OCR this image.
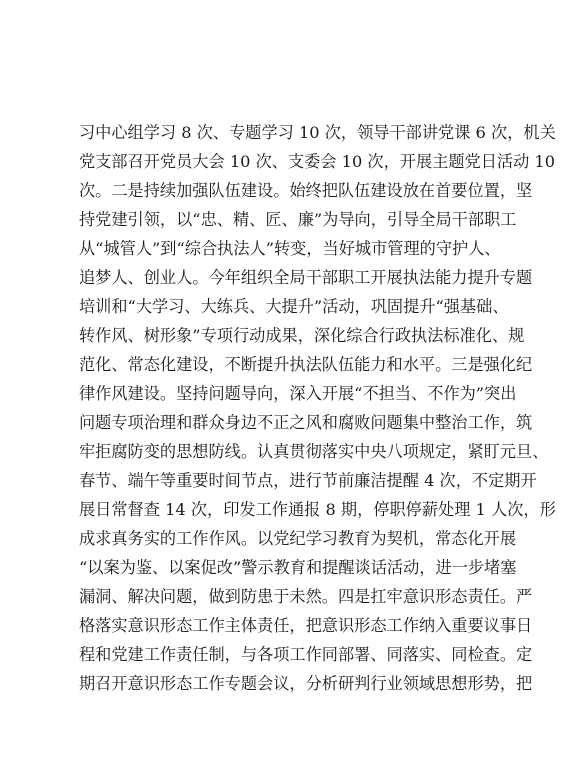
习中心组学习 8 次、专题学习 10 次，领导干部讲党课 6 次，机关
党支部召开党员大会 10 次、支委会 10 次，开展主题党日活动 10
次。二是持续加强队伍建设。始终把队伍建设放在首要位置，坚
持党建引领，以“忠、精、匠、廉”为导向，引导全局干部职工
从“城管人”到“综合执法人”转变，当好城市管理的守护人、
追梦人、创业人。今年组织全局干部职工开展执法能力提升专题
培训和“大学习、大练兵、大提升”活动，巩固提升“强基础、
转作风、树形象”专项行动成果，深化综合行政执法标准化、规
范化、常态化建设，不断提升执法队伍能力和水平。三是强化纪
律作风建设。坚持问题导向，深入开展“不担当、不作为”突出
问题专项治理和群众身边不正之风和腐败问题集中整治工作，筑
牢拒腐防变的思想防线。认真贯彻落实中央八项规定，紧盯元旦、
春节、端午等重要时间节点，进行节前廉洁提醒 4 次，不定期开
展日常督查 14 次，印发工作通报 8 期，停职停薪处理 1 人次，形
成求真务实的工作作风。以党纪学习教育为契机，常态化开展
“以案为鉴、以案促改”警示教育和提醒谈话活动，进一步堵塞
漏洞、解决问题，做到防患于未然。四是扛牢意识形态责任。严
格落实意识形态工作主体责任，把意识形态工作纳入重要议事日
程和党建工作责任制，与各项工作同部署、同落实、同检查。定
期召开意识形态工作专题会议，分析研判行业领域思想形势，把
